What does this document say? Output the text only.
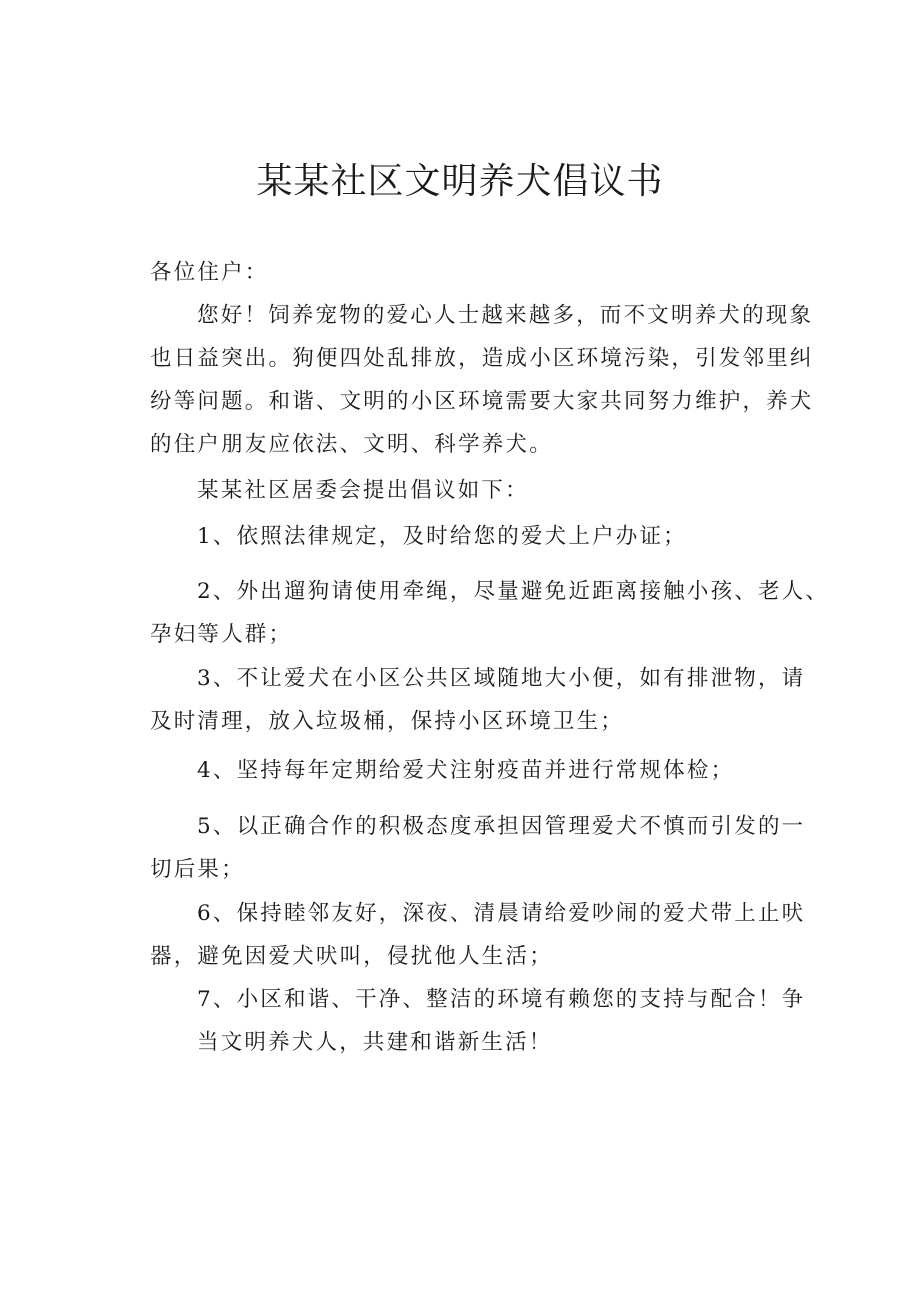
某某社区文明养犬倡议书
各位住户：
您好！饲养宠物的爱心人士越来越多，而不文明养犬的现象
也日益突出。狗便四处乱排放，造成小区环境污染，引发邻里纠
纷等问题。和谐、文明的小区环境需要大家共同努力维护，养犬
的住户朋友应依法、文明、科学养犬。
某某社区居委会提出倡议如下：
1、依照法律规定，及时给您的爱犬上户办证；
2、外出遛狗请使用牵绳，尽量避免近距离接触小孩、老人、
孕妇等人群；
3、不让爱犬在小区公共区域随地大小便，如有排泄物，请
及时清理，放入垃圾桶，保持小区环境卫生；
4、坚持每年定期给爱犬注射疫苗并进行常规体检；
5、以正确合作的积极态度承担因管理爱犬不慎而引发的一
切后果；
6、保持睦邻友好，深夜、清晨请给爱吵闹的爱犬带上止吠
器，避免因爱犬吠叫，侵扰他人生活；
7、小区和谐、干净、整洁的环境有赖您的支持与配合！争
当文明养犬人，共建和谐新生活！
